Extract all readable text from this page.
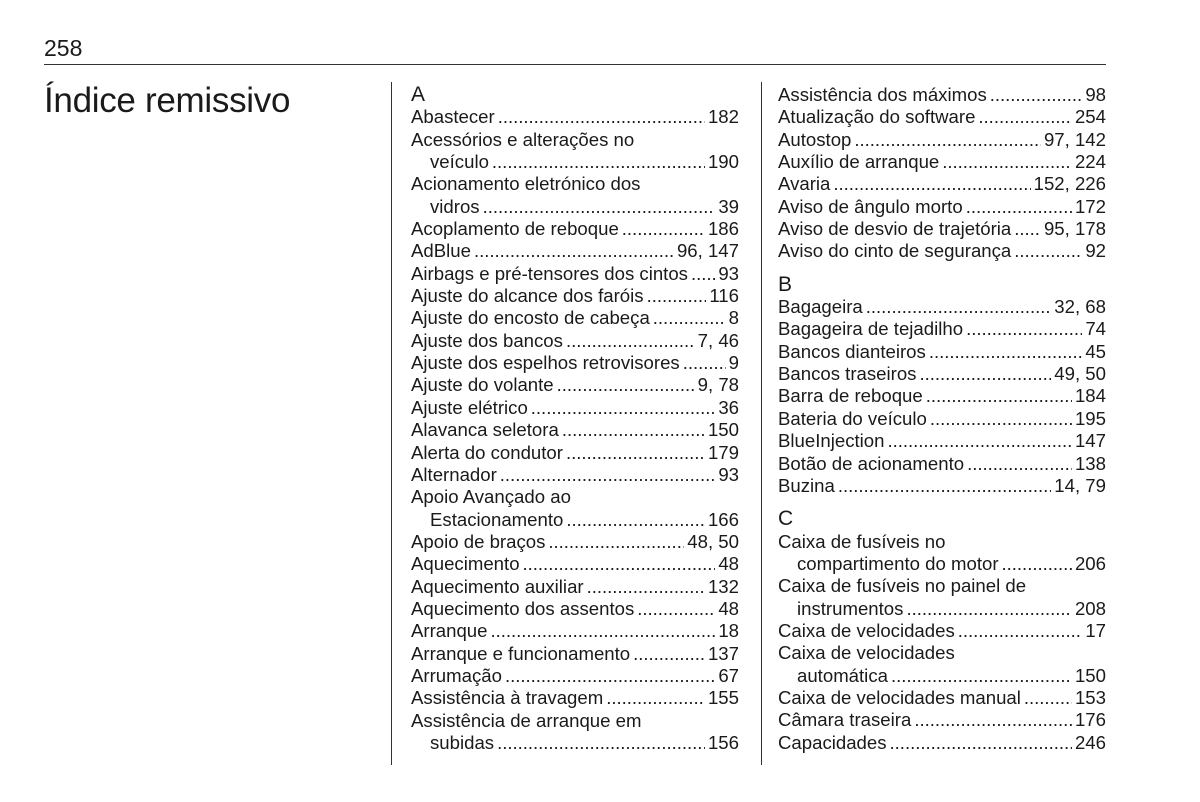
258
Índice remissivo	A
Abastecer . . .	182
Acessórios e alterações no
veículo . . .	190
Acionamento eletrónico dos
vidros . . .	39
Acoplamento de reboque . . .	186
AdBlue . . .	96, 147
Airbags e pré-tensores dos cintos . . . 93
Ajuste do alcance dos faróis . . .	116
Ajuste do encosto de cabeça . . .	8
Ajuste dos bancos . . .	7, 46
Ajuste dos espelhos retrovisores . . .	9
Ajuste do volante . . .	9, 78
Ajuste elétrico . . .	36
Alavanca seletora . . .	150
Alerta do condutor . . .	179
Alternador . . .	93
Apoio Avançado ao
Estacionamento . . .	166
Apoio de braços . . .	48, 50
Aquecimento . . .	48
Aquecimento auxiliar . . .	132
Aquecimento dos assentos . . .	48
Arranque . . .	18
Arranque e funcionamento . . .	137
Arrumação . . .	67
Assistência à travagem . . .	155
Assistência de arranque em
subidas . . .	156
Assistência dos máximos . . .	98
Atualização do software . . .	254
Autostop . . .	97, 142
Auxílio de arranque . . .	224
Avaria . . .	152, 226
Aviso de ângulo morto . . .	172
Aviso de desvio de trajetória . . . 95, 178
Aviso do cinto de segurança . . .	92
B
Bagageira . . .	32, 68
Bagageira de tejadilho . . .	74
Bancos dianteiros . . .	45
Bancos traseiros . . .	49, 50
Barra de reboque . . .	184
Bateria do veículo . . .	195
BlueInjection . . .	147
Botão de acionamento . . .	138
Buzina . . .	14, 79
C
Caixa de fusíveis no
compartimento do motor . . .	206
Caixa de fusíveis no painel de
instrumentos . . .	208
Caixa de velocidades . . .	17
Caixa de velocidades
automática . . .	150
Caixa de velocidades manual . . .	153
Câmara traseira . . .	176
Capacidades . . .	246
